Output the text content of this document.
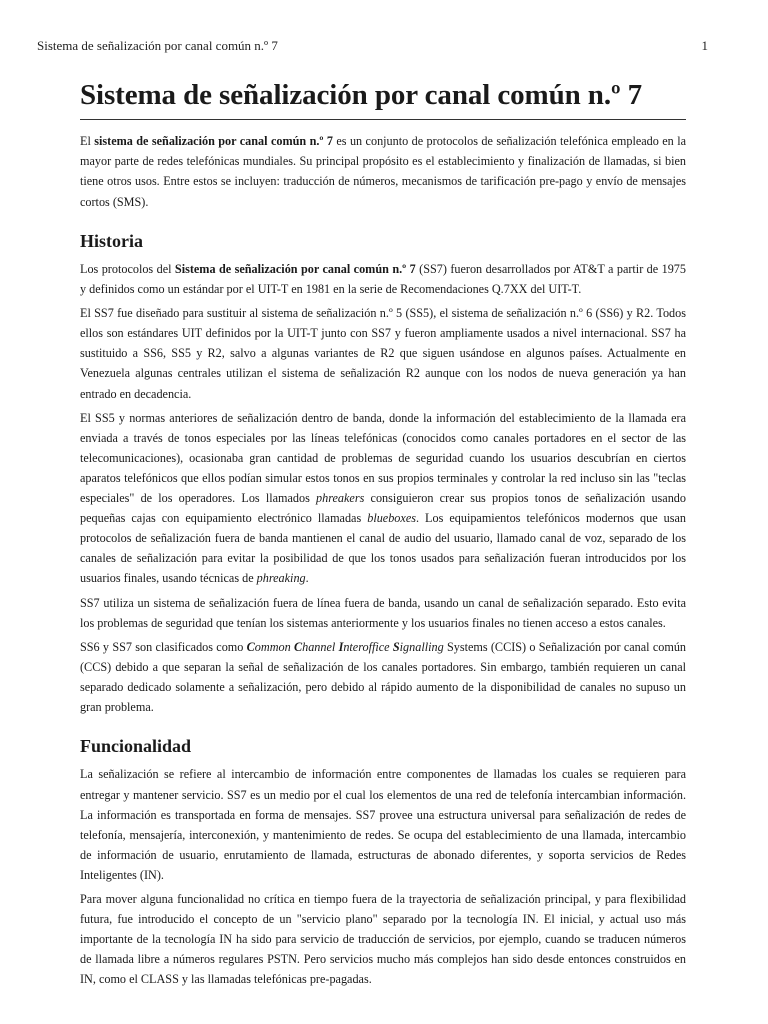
Sistema de señalización por canal común n.º 7	1
Sistema de señalización por canal común n.º 7

El sistema de señalización por canal común n.º 7 es un conjunto de protocolos de señalización telefónica empleado en la mayor parte de redes telefónicas mundiales. Su principal propósito es el establecimiento y finalización de llamadas, si bien tiene otros usos. Entre estos se incluyen: traducción de números, mecanismos de tarificación pre-pago y envío de mensajes cortos (SMS).

Historia

Los protocolos del Sistema de señalización por canal común n.º 7 (SS7) fueron desarrollados por AT&T a partir de 1975 y definidos como un estándar por el UIT-T en 1981 en la serie de Recomendaciones Q.7XX del UIT-T.

El SS7 fue diseñado para sustituir al sistema de señalización n.º 5 (SS5), el sistema de señalización n.º 6 (SS6) y R2. Todos ellos son estándares UIT definidos por la UIT-T junto con SS7 y fueron ampliamente usados a nivel internacional. SS7 ha sustituido a SS6, SS5 y R2, salvo a algunas variantes de R2 que siguen usándose en algunos países. Actualmente en Venezuela algunas centrales utilizan el sistema de señalización R2 aunque con los nodos de nueva generación ya han entrado en decadencia.

El SS5 y normas anteriores de señalización dentro de banda, donde la información del establecimiento de la llamada era enviada a través de tonos especiales por las líneas telefónicas (conocidos como canales portadores en el sector de las telecomunicaciones), ocasionaba gran cantidad de problemas de seguridad cuando los usuarios descubrían en ciertos aparatos telefónicos que ellos podían simular estos tonos en sus propios terminales y controlar la red incluso sin las "teclas especiales" de los operadores. Los llamados phreakers consiguieron crear sus propios tonos de señalización usando pequeñas cajas con equipamiento electrónico llamadas blueboxes. Los equipamientos telefónicos modernos que usan protocolos de señalización fuera de banda mantienen el canal de audio del usuario, llamado canal de voz, separado de los canales de señalización para evitar la posibilidad de que los tonos usados para señalización fueran introducidos por los usuarios finales, usando técnicas de phreaking.

SS7 utiliza un sistema de señalización fuera de línea fuera de banda, usando un canal de señalización separado. Esto evita los problemas de seguridad que tenían los sistemas anteriormente y los usuarios finales no tienen acceso a estos canales.

SS6 y SS7 son clasificados como Common Channel Interoffice Signalling Systems (CCIS) o Señalización por canal común (CCS) debido a que separan la señal de señalización de los canales portadores. Sin embargo, también requieren un canal separado dedicado solamente a señalización, pero debido al rápido aumento de la disponibilidad de canales no supuso un gran problema.

Funcionalidad

La señalización se refiere al intercambio de información entre componentes de llamadas los cuales se requieren para entregar y mantener servicio. SS7 es un medio por el cual los elementos de una red de telefonía intercambian información. La información es transportada en forma de mensajes. SS7 provee una estructura universal para señalización de redes de telefonía, mensajería, interconexión, y mantenimiento de redes. Se ocupa del establecimiento de una llamada, intercambio de información de usuario, enrutamiento de llamada, estructuras de abonado diferentes, y soporta servicios de Redes Inteligentes (IN).

Para mover alguna funcionalidad no crítica en tiempo fuera de la trayectoria de señalización principal, y para flexibilidad futura, fue introducido el concepto de un "servicio plano" separado por la tecnología IN. El inicial, y actual uso más importante de la tecnología IN ha sido para servicio de traducción de servicios, por ejemplo, cuando se traducen números de llamada libre a números regulares PSTN. Pero servicios mucho más complejos han sido desde entonces construidos en IN, como el CLASS y las llamadas telefónicas pre-pagadas.
